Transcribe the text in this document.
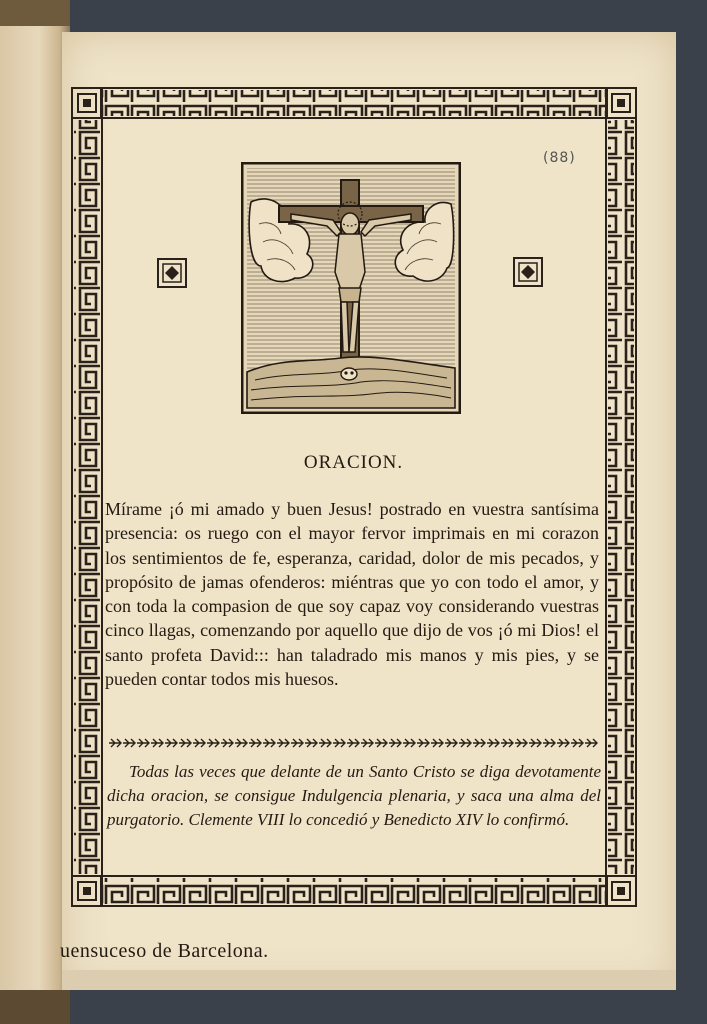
(88)
ORACION.

Mírame ¡ó mi amado y buen Jesus! postrado en vuestra santísima presencia: os ruego con el mayor fervor imprimais en mi corazon los sentimientos de fe, esperanza, caridad, dolor de mis pecados, y propósito de jamas ofenderos: miéntras que yo con todo el amor, y con toda la compasion de que soy capaz voy considerando vuestras cinco llagas, comenzando por aquello que dijo de vos ¡ó mi Dios! el santo profeta David::: han taladrado mis manos y mis pies, y se pueden contar todos mis huesos.

Todas las veces que delante de un Santo Cristo se diga devotamente dicha oracion, se consigue Indulgencia plenaria, y saca una alma del purgatorio. Clemente VIII lo concedió y Benedicto XIV lo confirmó.

uensuceso de Barcelona.
